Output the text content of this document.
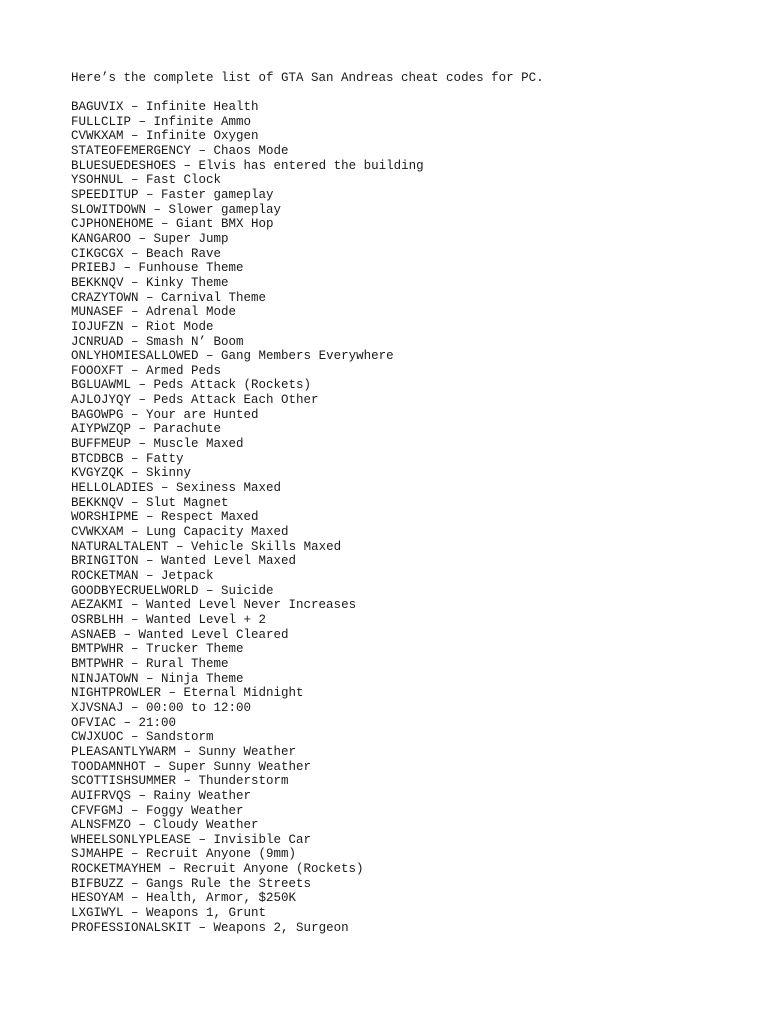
Here’s the complete list of GTA San Andreas cheat codes for PC.

BAGUVIX – Infinite Health
FULLCLIP – Infinite Ammo
CVWKXAM – Infinite Oxygen
STATEOFEMERGENCY – Chaos Mode
BLUESUEDESHOES – Elvis has entered the building
YSOHNUL – Fast Clock
SPEEDITUP – Faster gameplay
SLOWITDOWN – Slower gameplay
CJPHONEHOME – Giant BMX Hop
KANGAROO – Super Jump
CIKGCGX – Beach Rave
PRIEBJ – Funhouse Theme
BEKKNQV – Kinky Theme
CRAZYTOWN – Carnival Theme
MUNASEF – Adrenal Mode
IOJUFZN – Riot Mode
JCNRUAD – Smash N’ Boom
ONLYHOMIESALLOWED – Gang Members Everywhere
FOOOXFT – Armed Peds
BGLUAWML – Peds Attack (Rockets)
AJLOJYQY – Peds Attack Each Other
BAGOWPG – Your are Hunted
AIYPWZQP – Parachute
BUFFMEUP – Muscle Maxed
BTCDBCB – Fatty
KVGYZQK – Skinny
HELLOLADIES – Sexiness Maxed
BEKKNQV – Slut Magnet
WORSHIPME – Respect Maxed
CVWKXAM – Lung Capacity Maxed
NATURALTALENT – Vehicle Skills Maxed
BRINGITON – Wanted Level Maxed
ROCKETMAN – Jetpack
GOODBYECRUELWORLD – Suicide
AEZAKMI – Wanted Level Never Increases
OSRBLHH – Wanted Level + 2
ASNAEB – Wanted Level Cleared
BMTPWHR – Trucker Theme
BMTPWHR – Rural Theme
NINJATOWN – Ninja Theme
NIGHTPROWLER – Eternal Midnight
XJVSNAJ – 00:00 to 12:00
OFVIAC – 21:00
CWJXUOC – Sandstorm
PLEASANTLYWARM – Sunny Weather
TOODAMNHOT – Super Sunny Weather
SCOTTISHSUMMER – Thunderstorm
AUIFRVQS – Rainy Weather
CFVFGMJ – Foggy Weather
ALNSFMZO – Cloudy Weather
WHEELSONLYPLEASE – Invisible Car
SJMAHPE – Recruit Anyone (9mm)
ROCKETMAYHEM – Recruit Anyone (Rockets)
BIFBUZZ – Gangs Rule the Streets
HESOYAM – Health, Armor, $250K
LXGIWYL – Weapons 1, Grunt
PROFESSIONALSKIT – Weapons 2, Surgeon
